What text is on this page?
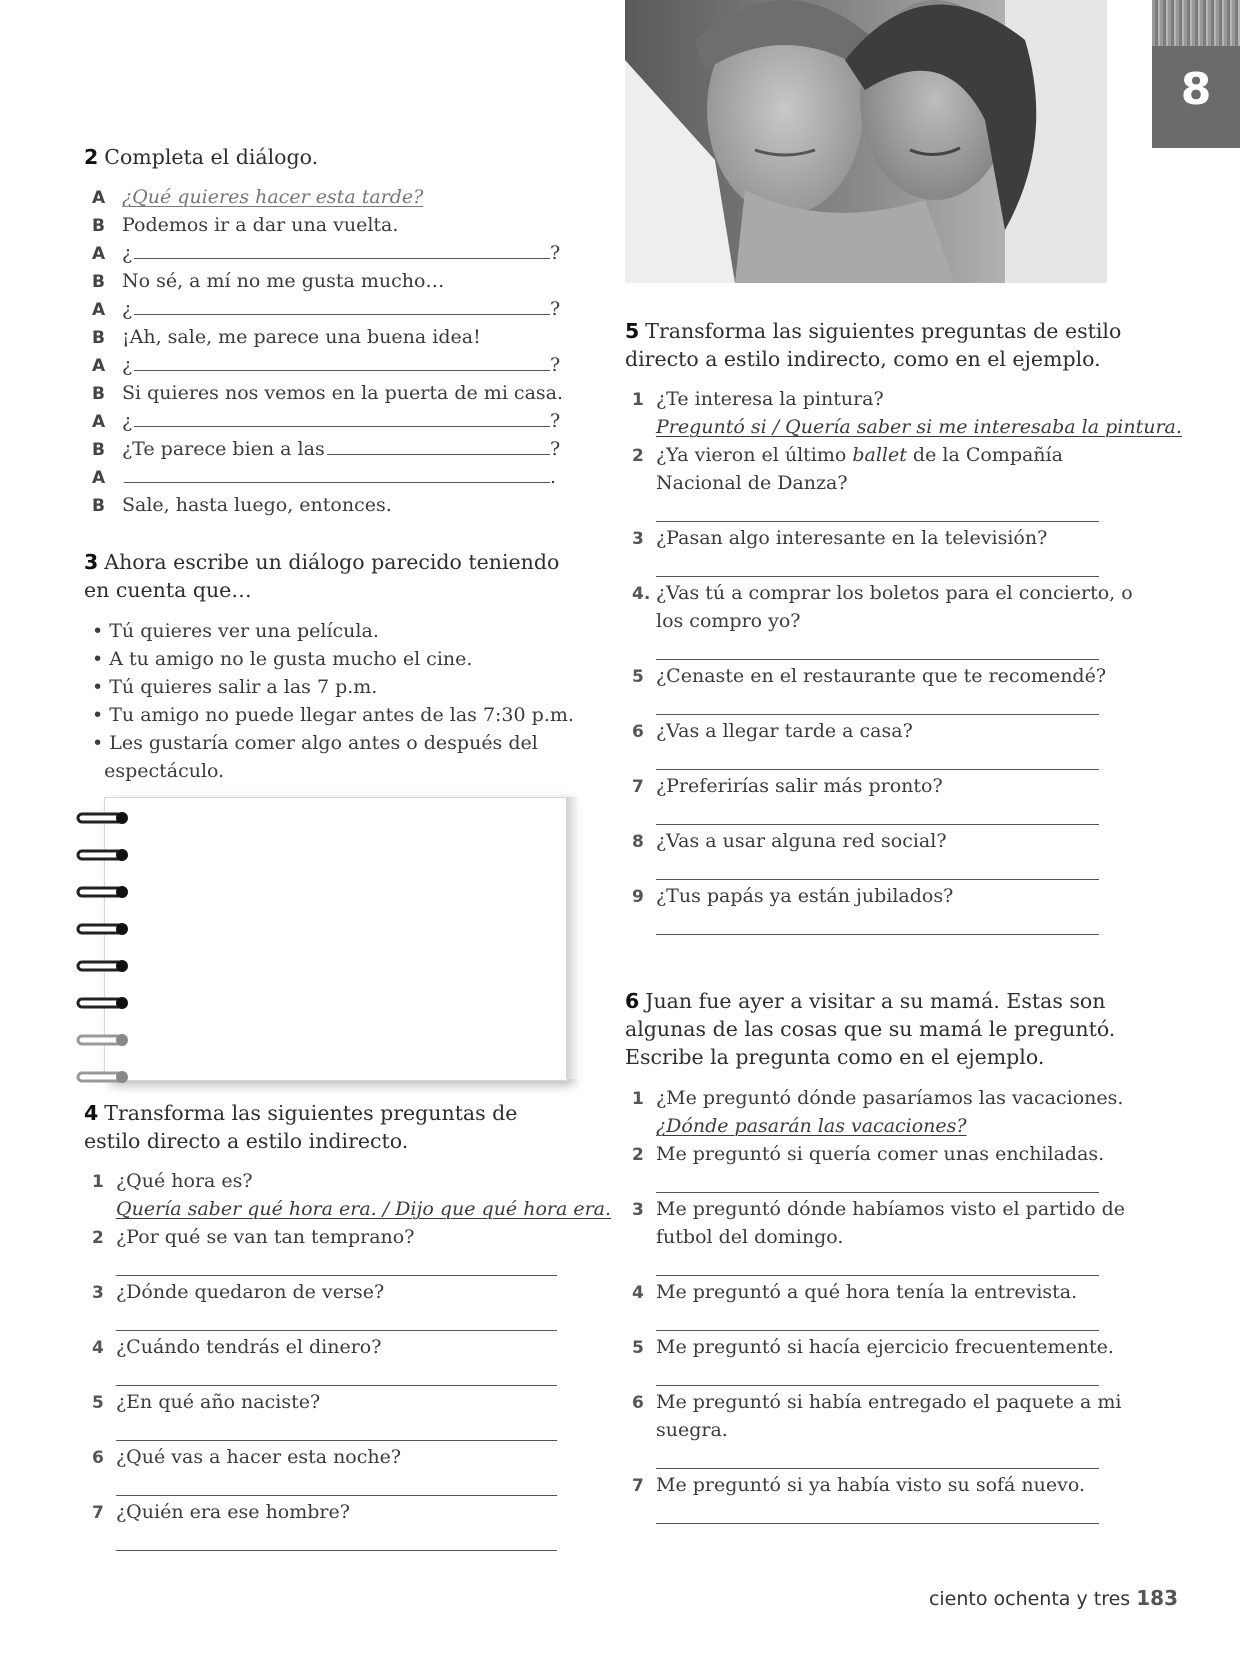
8

2 Completa el diálogo.

A ¿Qué quieres hacer esta tarde?
B Podemos ir a dar una vuelta.
A ¿	?
B No sé, a mí no me gusta mucho…
A ¿	?
B ¡Ah, sale, me parece una buena idea!
A ¿	?
B Si quieres nos vemos en la puerta de mi casa.
A ¿	?
B ¿Te parece bien a las	?
A	.
B Sale, hasta luego, entonces.

3 Ahora escribe un diálogo parecido teniendo
en cuenta que…

• Tú quieres ver una película.
• A tu amigo no le gusta mucho el cine.
• Tú quieres salir a las 7 p.m.
• Tu amigo no puede llegar antes de las 7:30 p.m.
• Les gustaría comer algo antes o después del
espectáculo.

4 Transforma las siguientes preguntas de
estilo directo a estilo indirecto.

1 ¿Qué hora es?
Quería saber qué hora era. / Dijo que qué hora era.
2 ¿Por qué se van tan temprano?
3 ¿Dónde quedaron de verse?
4 ¿Cuándo tendrás el dinero?
5 ¿En qué año naciste?
6 ¿Qué vas a hacer esta noche?
7 ¿Quién era ese hombre?

5 Transforma las siguientes preguntas de estilo
directo a estilo indirecto, como en el ejemplo.

1 ¿Te interesa la pintura?
Preguntó si / Quería saber si me interesaba la pintura.
2 ¿Ya vieron el último ballet de la Compañía
Nacional de Danza?
3 ¿Pasan algo interesante en la televisión?
4. ¿Vas tú a comprar los boletos para el concierto, o
los compro yo?
5 ¿Cenaste en el restaurante que te recomendé?
6 ¿Vas a llegar tarde a casa?
7 ¿Preferirías salir más pronto?
8 ¿Vas a usar alguna red social?
9 ¿Tus papás ya están jubilados?

6 Juan fue ayer a visitar a su mamá. Estas son
algunas de las cosas que su mamá le preguntó.
Escribe la pregunta como en el ejemplo.

1 ¿Me preguntó dónde pasaríamos las vacaciones.
¿Dónde pasarán las vacaciones?
2 Me preguntó si quería comer unas enchiladas.
3 Me preguntó dónde habíamos visto el partido de
futbol del domingo.
4 Me preguntó a qué hora tenía la entrevista.
5 Me preguntó si hacía ejercicio frecuentemente.
6 Me preguntó si había entregado el paquete a mi
suegra.
7 Me preguntó si ya había visto su sofá nuevo.
ciento ochenta y tres 183
